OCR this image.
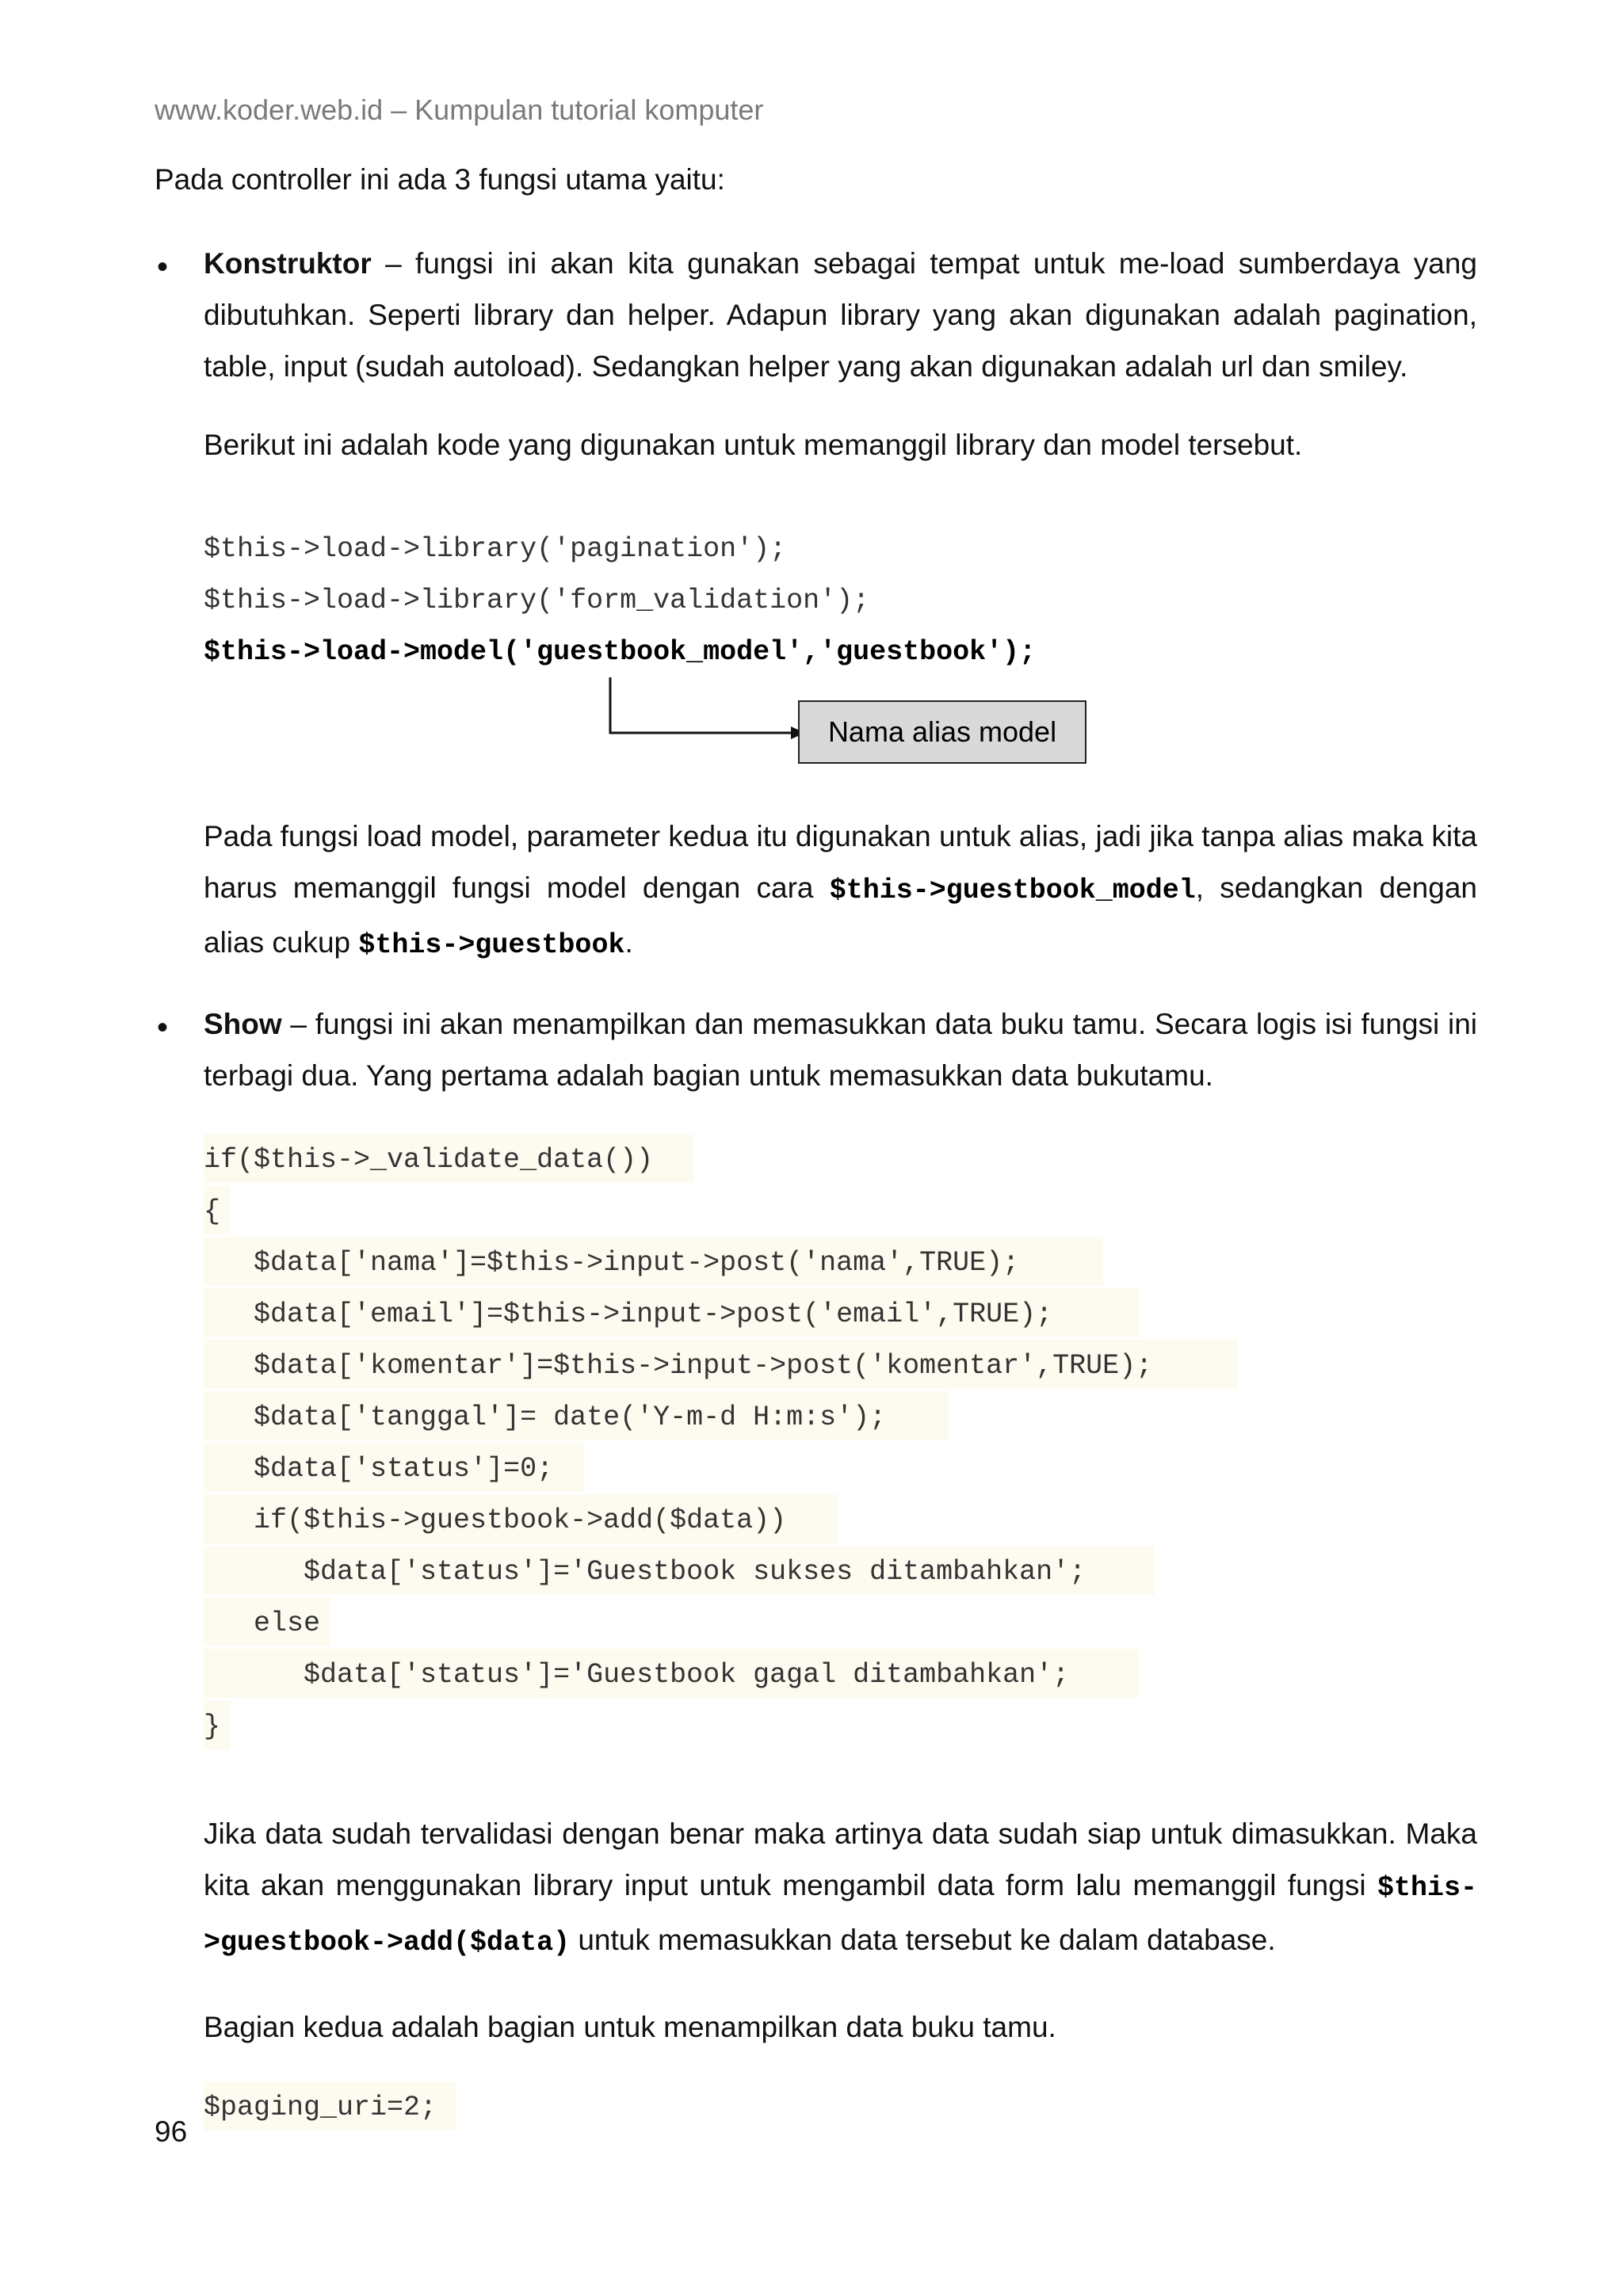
www.koder.web.id – Kumpulan tutorial komputer
Pada controller ini ada 3 fungsi utama yaitu:
• Konstruktor – fungsi ini akan kita gunakan sebagai tempat untuk me-load sumberdaya yang dibutuhkan. Seperti library dan helper. Adapun library yang akan digunakan adalah pagination, table, input (sudah autoload). Sedangkan helper yang akan digunakan adalah url dan smiley.
Berikut ini adalah kode yang digunakan untuk memanggil library dan model tersebut.
$this->load->library('pagination');
$this->load->library('form_validation');
$this->load->model('guestbook_model','guestbook');
Nama alias model
Pada fungsi load model, parameter kedua itu digunakan untuk alias, jadi jika tanpa alias maka kita harus memanggil fungsi model dengan cara $this->guestbook_model, sedangkan dengan alias cukup $this->guestbook.
• Show – fungsi ini akan menampilkan dan memasukkan data buku tamu. Secara logis isi fungsi ini terbagi dua. Yang pertama adalah bagian untuk memasukkan data bukutamu.
if($this->_validate_data())
{
$data['nama']=$this->input->post('nama',TRUE);
$data['email']=$this->input->post('email',TRUE);
$data['komentar']=$this->input->post('komentar',TRUE);
$data['tanggal']= date('Y-m-d H:m:s');
$data['status']=0;
if($this->guestbook->add($data))
$data['status']='Guestbook sukses ditambahkan';
else
$data['status']='Guestbook gagal ditambahkan';
}
Jika data sudah tervalidasi dengan benar maka artinya data sudah siap untuk dimasukkan. Maka kita akan menggunakan library input untuk mengambil data form lalu memanggil fungsi $this->guestbook->add($data) untuk memasukkan data tersebut ke dalam database.
Bagian kedua adalah bagian untuk menampilkan data buku tamu.
$paging_uri=2;
96
